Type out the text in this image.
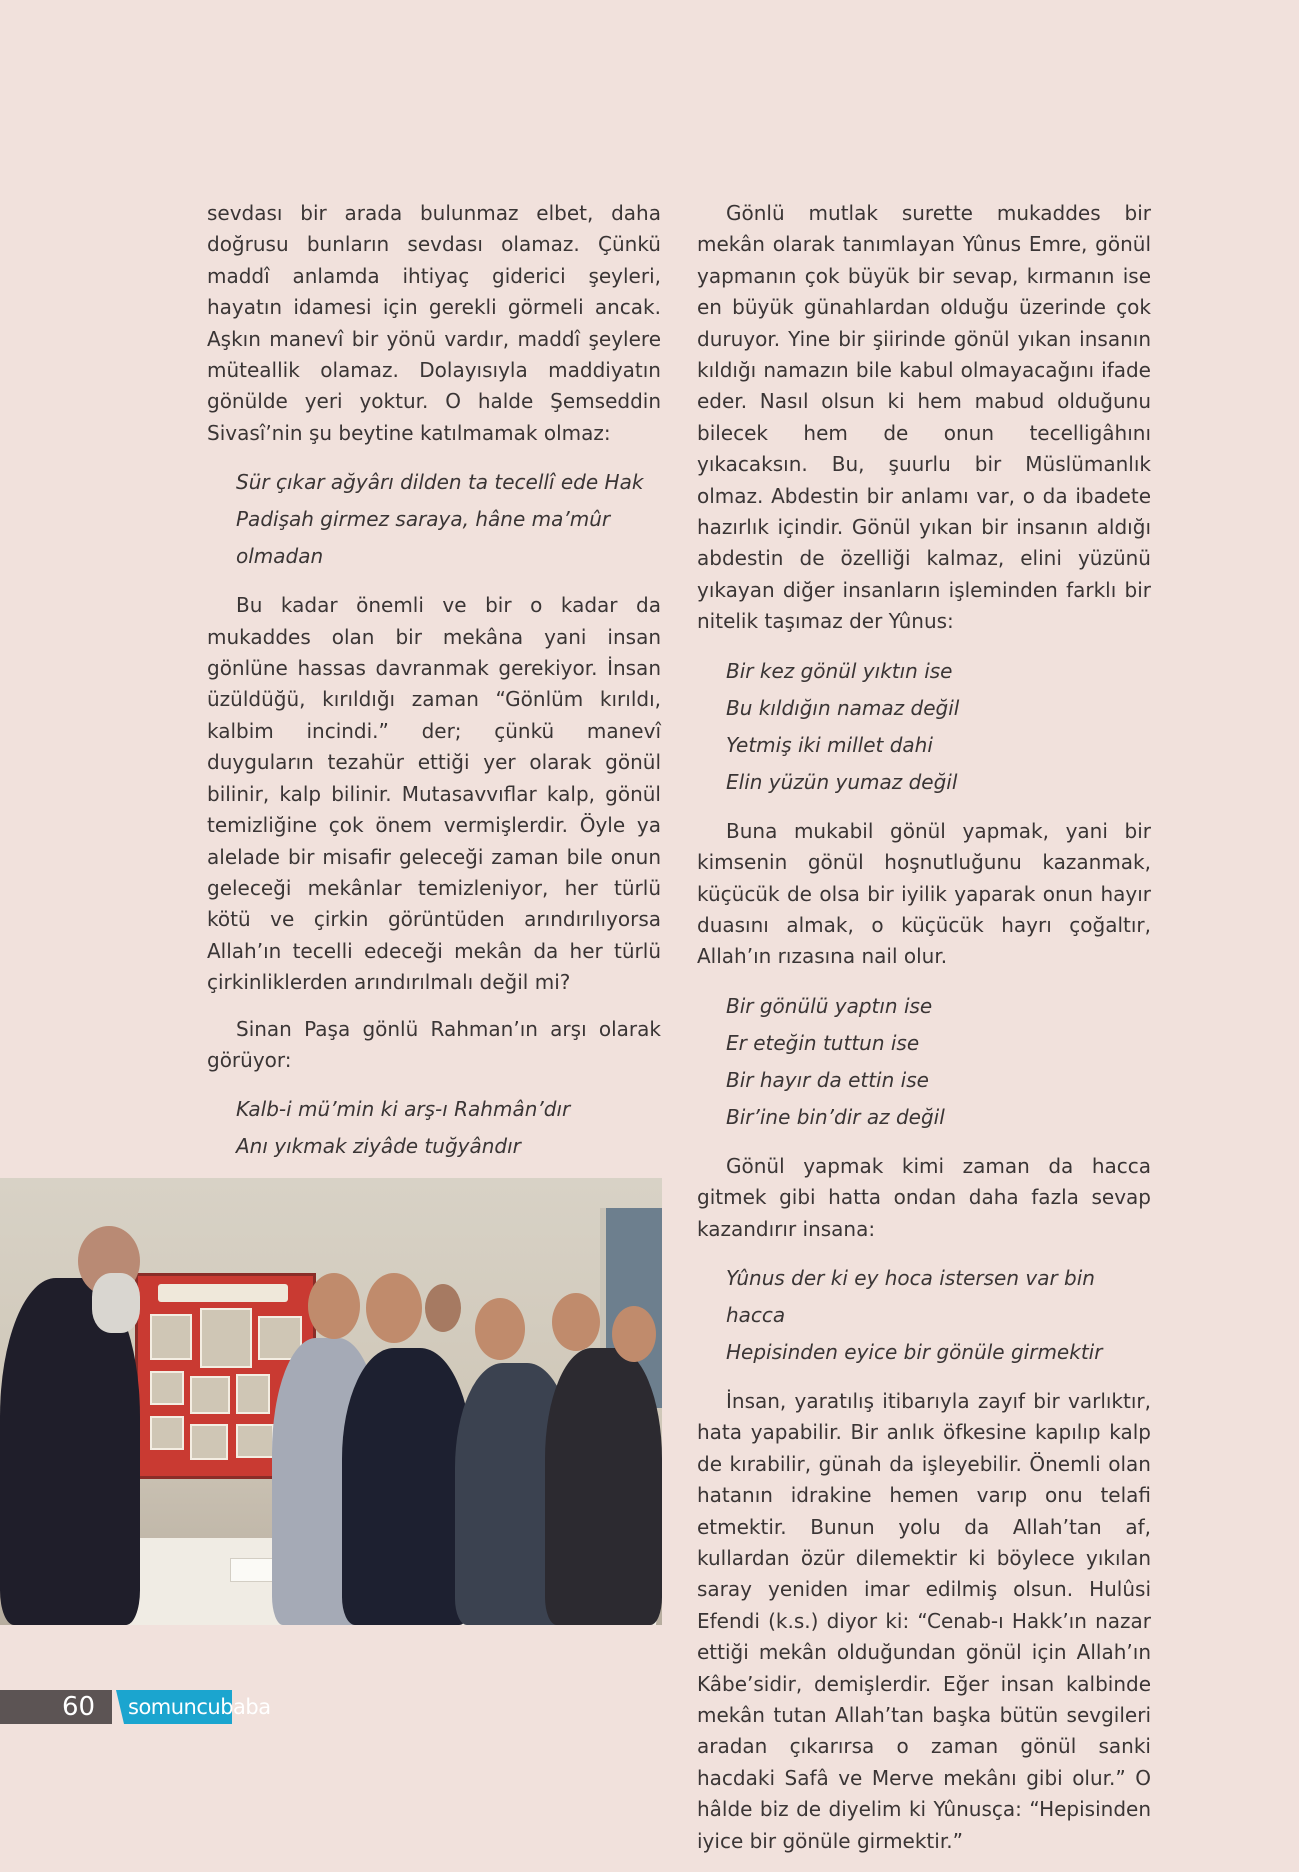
sevdası bir arada bulunmaz elbet, daha doğrusu bunların sevdası olamaz. Çünkü maddî anlamda ihtiyaç giderici şeyleri, hayatın idamesi için gerekli görmeli ancak. Aşkın manevî bir yönü vardır, maddî şeylere müteallik olamaz. Dolayısıyla maddiyatın gönülde yeri yoktur. O halde Şemseddin Sivasî’nin şu beytine katılmamak olmaz:

Sür çıkar ağyârı dilden ta tecellî ede Hak
Padişah girmez saraya, hâne ma’mûr olmadan

Bu kadar önemli ve bir o kadar da mukaddes olan bir mekâna yani insan gönlüne hassas davranmak gerekiyor. İnsan üzüldüğü, kırıldığı zaman “Gönlüm kırıldı, kalbim incindi.” der; çünkü manevî duyguların tezahür ettiği yer olarak gönül bilinir, kalp bilinir. Mutasavvıflar kalp, gönül temizliğine çok önem vermişlerdir. Öyle ya alelade bir misafir geleceği zaman bile onun geleceği mekânlar temizleniyor, her türlü kötü ve çirkin görüntüden arındırılıyorsa Allah’ın tecelli edeceği mekân da her türlü çirkinliklerden arındırılmalı değil mi?

Sinan Paşa gönlü Rahman’ın arşı olarak görüyor:

Kalb-i mü’min ki arş-ı Rahmân’dır
Anı yıkmak ziyâde tuğyândır

Gönlü mutlak surette mukaddes bir mekân olarak tanımlayan Yûnus Emre, gönül yapmanın çok büyük bir sevap, kırmanın ise en büyük günahlardan olduğu üzerinde çok duruyor. Yine bir şiirinde gönül yıkan insanın kıldığı namazın bile kabul olmayacağını ifade eder. Nasıl olsun ki hem mabud olduğunu bilecek hem de onun tecelligâhını yıkacaksın. Bu, şuurlu bir Müslümanlık olmaz. Abdestin bir anlamı var, o da ibadete hazırlık içindir. Gönül yıkan bir insanın aldığı abdestin de özelliği kalmaz, elini yüzünü yıkayan diğer insanların işleminden farklı bir nitelik taşımaz der Yûnus:

Bir kez gönül yıktın ise
Bu kıldığın namaz değil
Yetmiş iki millet dahi
Elin yüzün yumaz değil

Buna mukabil gönül yapmak, yani bir kimsenin gönül hoşnutluğunu kazanmak, küçücük de olsa bir iyilik yaparak onun hayır duasını almak, o küçücük hayrı çoğaltır, Allah’ın rızasına nail olur.

Bir gönülü yaptın ise
Er eteğin tuttun ise
Bir hayır da ettin ise
Bir’ine bin’dir az değil

Gönül yapmak kimi zaman da hacca gitmek gibi hatta ondan daha fazla sevap kazandırır insana:

Yûnus der ki ey hoca istersen var bin hacca
Hepisinden eyice bir gönüle girmektir

İnsan, yaratılış itibarıyla zayıf bir varlıktır, hata yapabilir. Bir anlık öfkesine kapılıp kalp de kırabilir, günah da işleyebilir. Önemli olan hatanın idrakine hemen varıp onu telafi etmektir. Bunun yolu da Allah’tan af, kullardan özür dilemektir ki böylece yıkılan saray yeniden imar edilmiş olsun. Hulûsi Efendi (k.s.) diyor ki: “Cenab-ı Hakk’ın nazar ettiği mekân olduğundan gönül için Allah’ın Kâbe’sidir, demişlerdir. Eğer insan kalbinde mekân tutan Allah’tan başka bütün sevgileri aradan çıkarırsa o zaman gönül sanki hacdaki Safâ ve Merve mekânı gibi olur.” O hâlde biz de diyelim ki Yûnusça: “Hepisinden iyice bir gönüle girmektir.”

60 somuncubaba
